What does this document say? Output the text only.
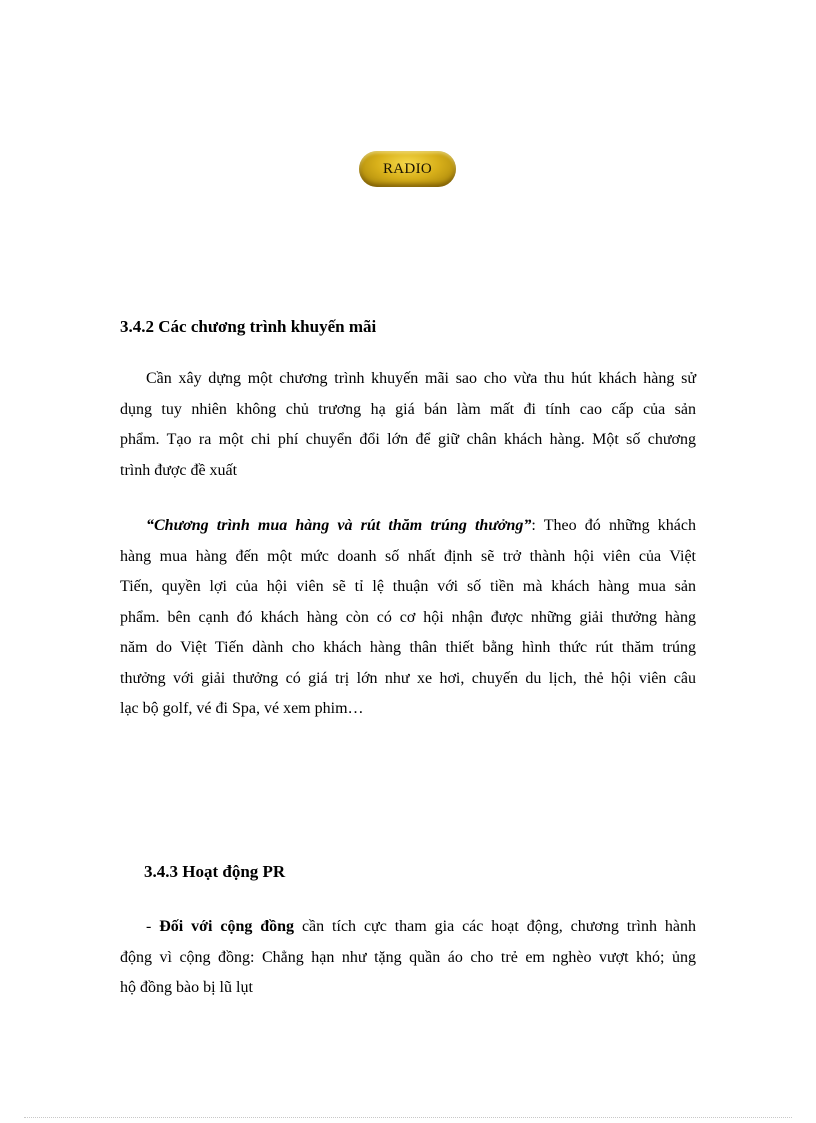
RADIO
3.4.2 Các chương trình khuyến mãi

Cần xây dựng một chương trình khuyến mãi sao cho vừa thu hút khách hàng sử
dụng tuy nhiên không chủ trương hạ giá bán làm mất đi tính cao cấp của sản
phẩm. Tạo ra một chi phí chuyển đổi lớn để giữ chân khách hàng. Một số chương
trình được đề xuất

“Chương trình mua hàng và rút thăm trúng thưởng”: Theo đó những khách
hàng mua hàng đến một mức doanh số nhất định sẽ trở thành hội viên của Việt
Tiến, quyền lợi của hội viên sẽ tỉ lệ thuận với số tiền mà khách hàng mua sản
phẩm. bên cạnh đó khách hàng còn có cơ hội nhận được những giải thưởng hàng
năm do Việt Tiến dành cho khách hàng thân thiết bằng hình thức rút thăm trúng
thưởng với giải thưởng có giá trị lớn như xe hơi, chuyến du lịch, thẻ hội viên câu
lạc bộ golf, vé đi Spa, vé xem phim…

3.4.3 Hoạt động PR

- Đối với cộng đồng cần tích cực tham gia các hoạt động, chương trình hành
động vì cộng đồng: Chẳng hạn như tặng quần áo cho trẻ em nghèo vượt khó; ủng
hộ đồng bào bị lũ lụt
